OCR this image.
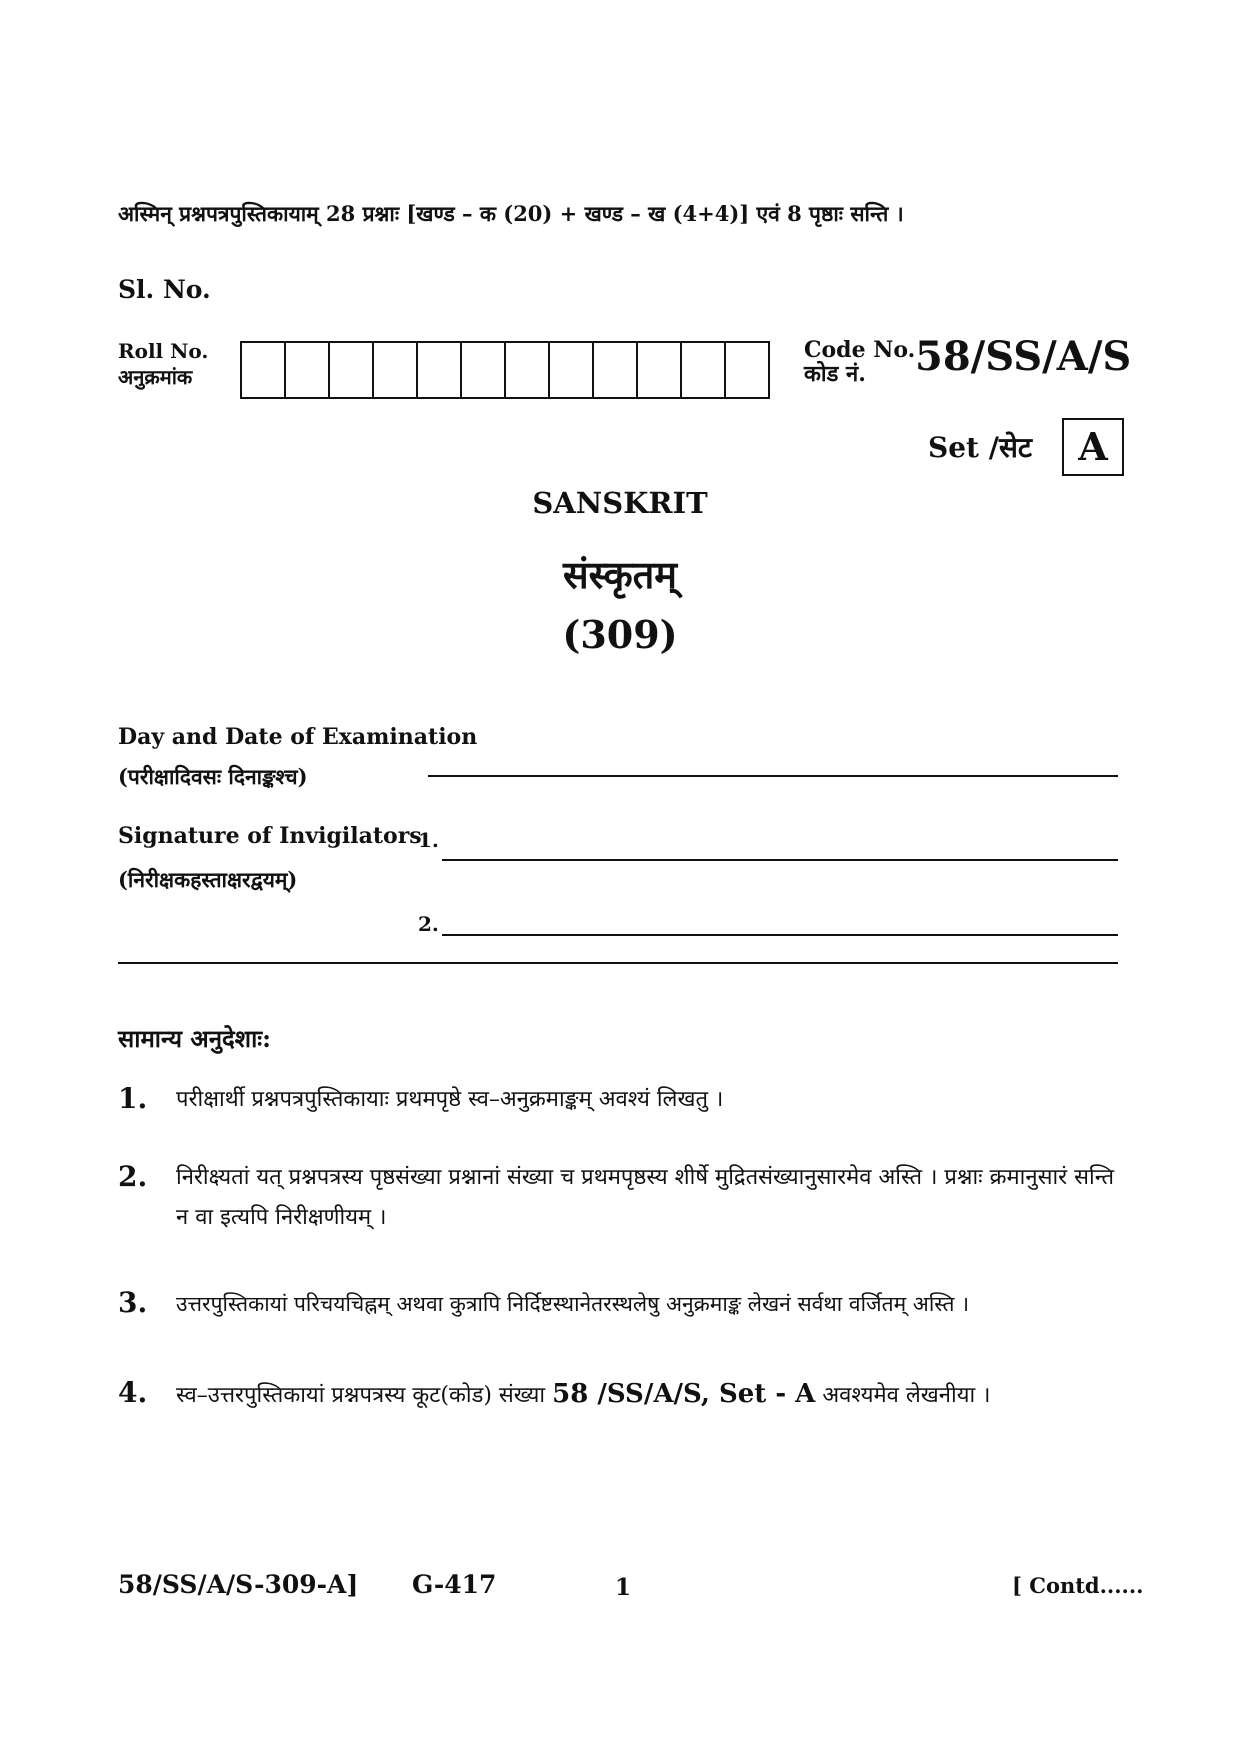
अस्मिन् प्रश्नपत्रपुस्तिकायाम् 28 प्रश्नाः [खण्ड – क (20) + खण्ड – ख (4+4)] एवं 8 पृष्ठाः सन्ति ।
Sl. No.
Roll No.
अनुक्रमांक
Code No.
कोड नं.	58/SS/A/S
Set /सेट	A
SANSKRIT
संस्कृतम्
(309)
Day and Date of Examination
(परीक्षादिवसः दिनाङ्कश्च)
Signature of Invigilators
1.
(निरीक्षकहस्ताक्षरद्वयम्)
2.
सामान्य अनुदेशाः:
1. परीक्षार्थी प्रश्नपत्रपुस्तिकायाः प्रथमपृष्ठे स्व–अनुक्रमाङ्कम् अवश्यं लिखतु ।
2. निरीक्ष्यतां यत् प्रश्नपत्रस्य पृष्ठसंख्या प्रश्नानां संख्या च प्रथमपृष्ठस्य शीर्षे मुद्रितसंख्यानुसारमेव अस्ति । प्रश्नाः क्रमानुसारं सन्ति न वा इत्यपि निरीक्षणीयम् ।
3. उत्तरपुस्तिकायां परिचयचिह्नम् अथवा कुत्रापि निर्दिष्टस्थानेतरस्थलेषु अनुक्रमाङ्क लेखनं सर्वथा वर्जितम् अस्ति ।
4. स्व–उत्तरपुस्तिकायां प्रश्नपत्रस्य कूट(कोड) संख्या 58 /SS/A/S, Set - A अवश्यमेव लेखनीया ।
58/SS/A/S-309-A] G-417	1	[ Contd......
